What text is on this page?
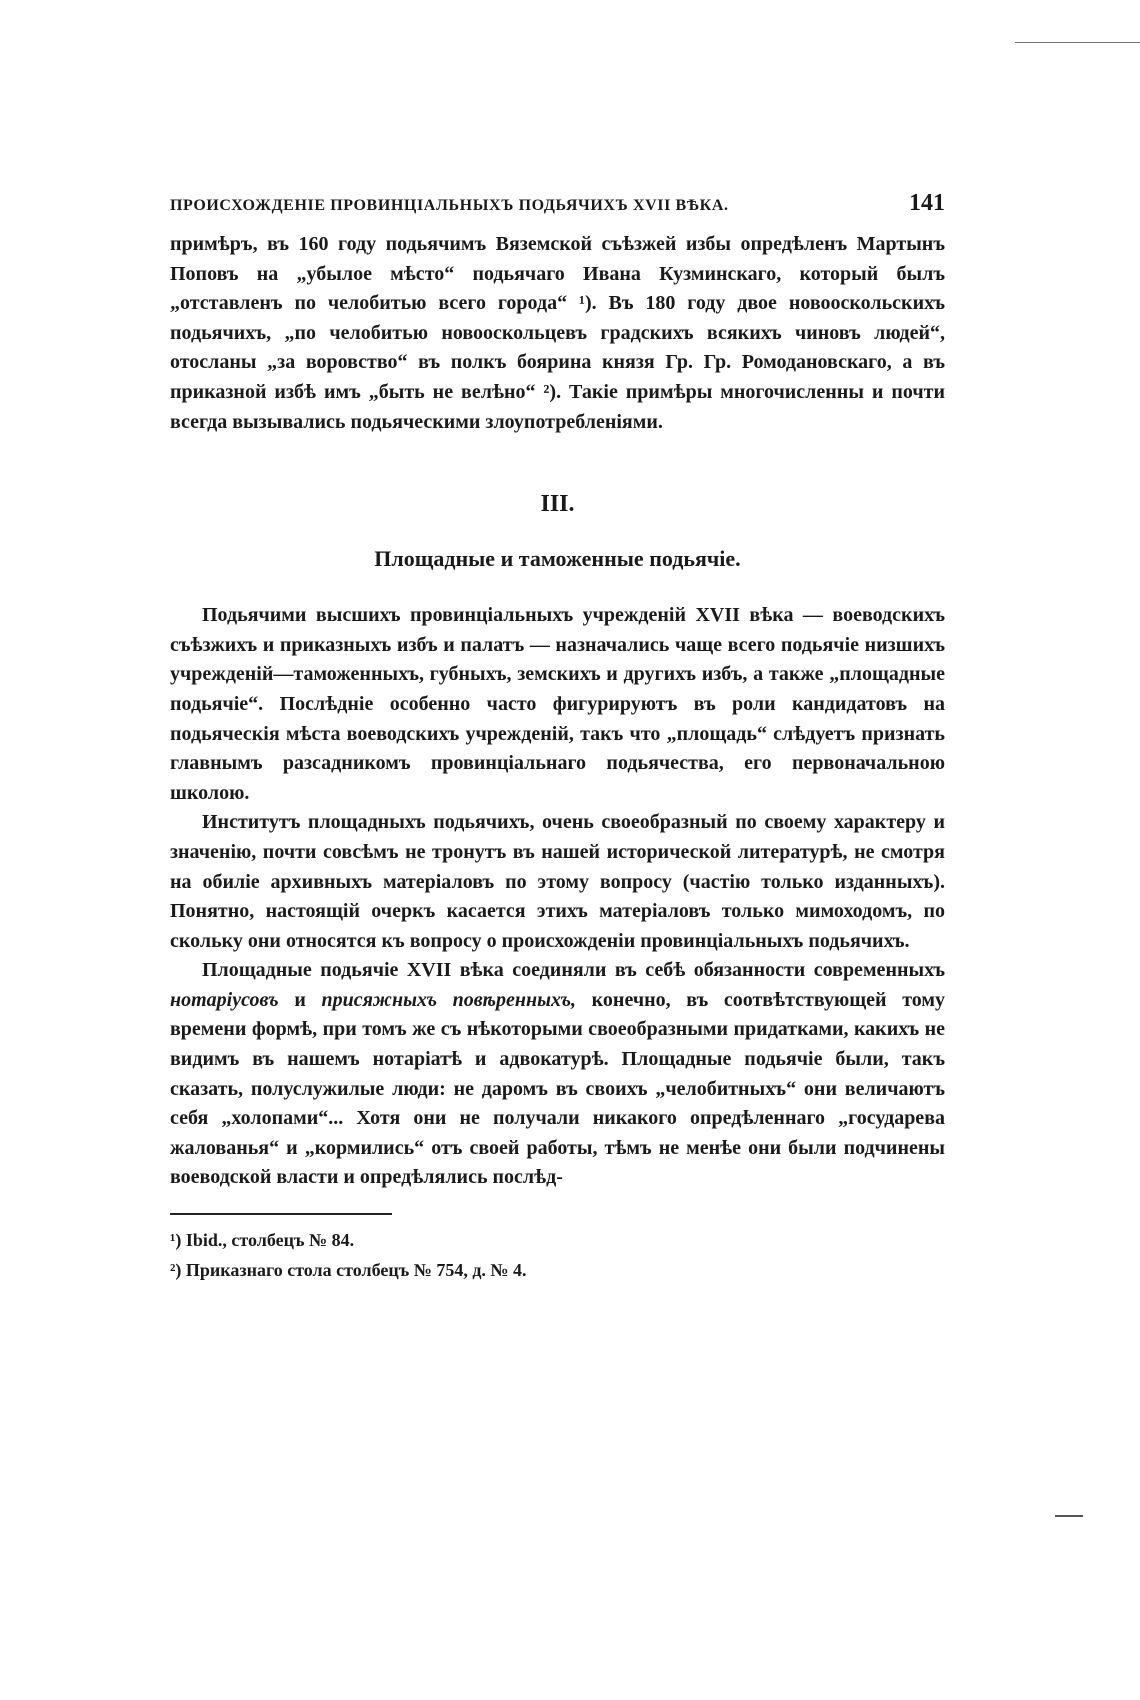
ПРОИСХОЖДЕНІЕ ПРОВИНЦІАЛЬНЫХЪ ПОДЬЯЧИХЪ XVII ВѢКА.	141

примѣръ, въ 160 году подьячимъ Вяземской съѣзжей избы опредѣленъ Мартынъ Поповъ на „убылое мѣсто“ подьячаго Ивана Кузминскаго, который былъ „отставленъ по челобитью всего города“ ¹). Въ 180 году двое новооскольскихъ подьячихъ, „по челобитью новооскольцевъ градскихъ всякихъ чиновъ людей“, отосланы „за воровство“ въ полкъ боярина князя Гр. Гр. Ромодановскаго, а въ приказной избѣ имъ „быть не велѣно“ ²). Такіе примѣры многочисленны и почти всегда вызывались подьяческими злоупотребленіями.

III.
Площадные и таможенные подьячіе.

Подьячими высшихъ провинціальныхъ учрежденій XVII вѣка — воеводскихъ съѣзжихъ и приказныхъ избъ и палатъ — назначались чаще всего подьячіе низшихъ учрежденій—таможенныхъ, губныхъ, земскихъ и другихъ избъ, а также „площадные подьячіе“. Послѣдніе особенно часто фигурируютъ въ роли кандидатовъ на подьяческія мѣста воеводскихъ учрежденій, такъ что „площадь“ слѣдуетъ признать главнымъ разсадникомъ провинціальнаго подьячества, его первоначальною школою.

Институтъ площадныхъ подьячихъ, очень своеобразный по своему характеру и значенію, почти совсѣмъ не тронутъ въ нашей исторической литературѣ, не смотря на обиліе архивныхъ матеріаловъ по этому вопросу (частію только изданныхъ). Понятно, настоящій очеркъ касается этихъ матеріаловъ только мимоходомъ, по скольку они относятся къ вопросу о происхожденіи провинціальныхъ подьячихъ.

Площадные подьячіе XVII вѣка соединяли въ себѣ обязанности современныхъ нотаріусовъ и присяжныхъ повѣренныхъ, конечно, въ соотвѣтствующей тому времени формѣ, при томъ же съ нѣкоторыми своеобразными придатками, какихъ не видимъ въ нашемъ нотаріатѣ и адвокатурѣ. Площадные подьячіе были, такъ сказать, полуслужилые люди: не даромъ въ своихъ „челобитныхъ“ они величаютъ себя „холопами“... Хотя они не получали никакого опредѣленнаго „государева жалованья“ и „кормились“ отъ своей работы, тѣмъ не менѣе они были подчинены воеводской власти и опредѣлялись послѣд-

¹) Ibid., столбецъ № 84.

²) Приказнаго стола столбецъ № 754, д. № 4.
